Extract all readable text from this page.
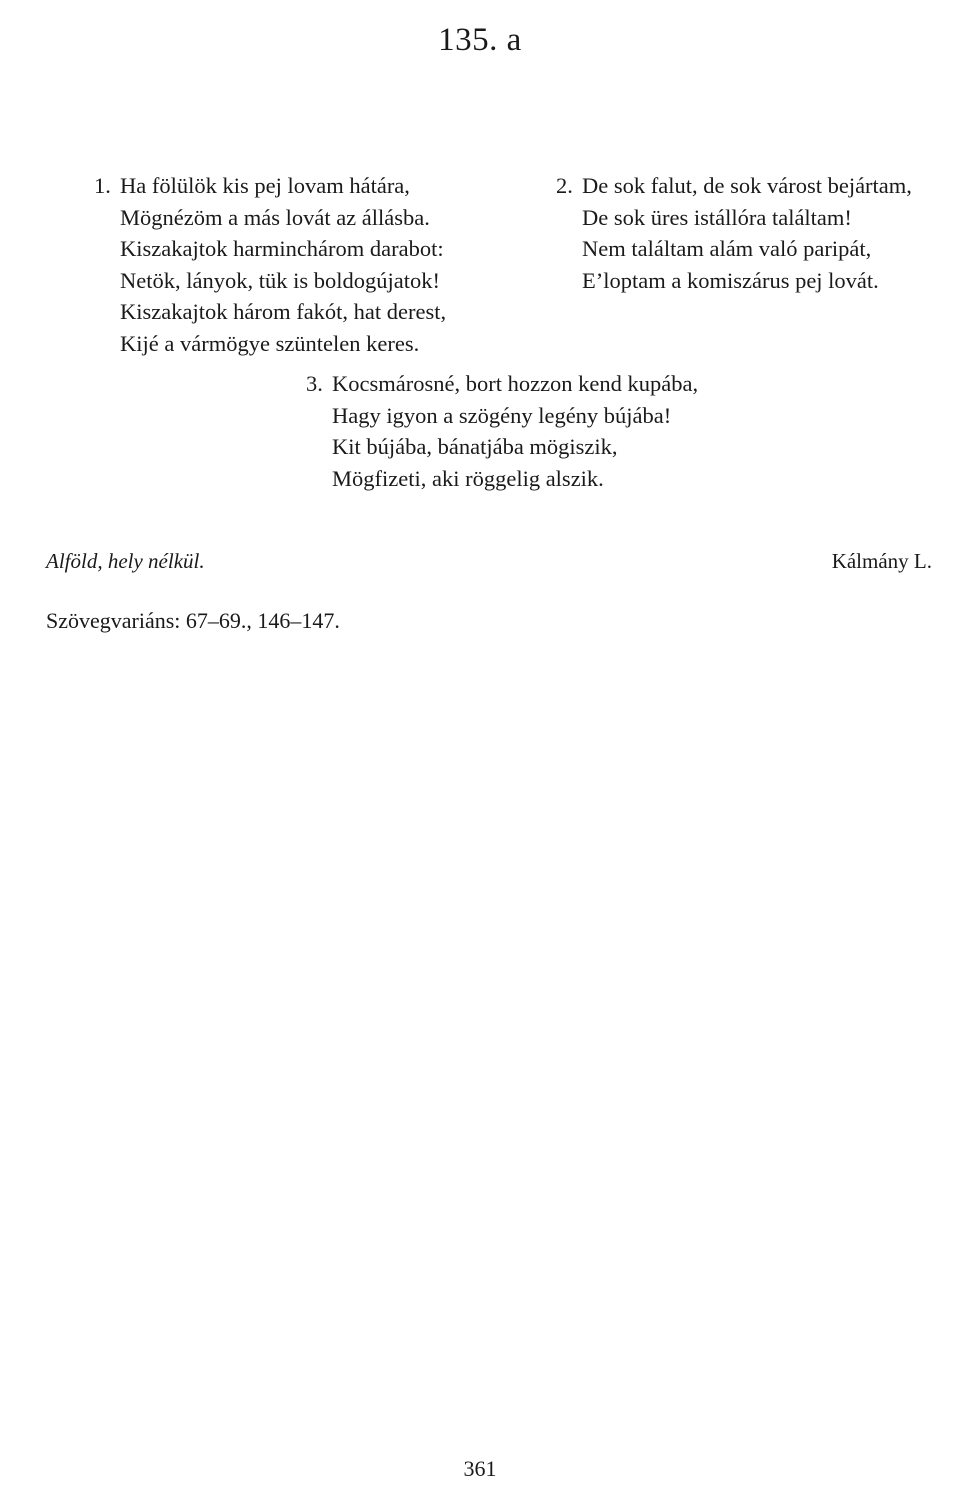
135. a
1. Ha fölülök kis pej lovam hátára,
Mögnézöm a más lovát az állásba.
Kiszakajtok harminchárom darabot:
Netök, lányok, tük is boldogújatok!
Kiszakajtok három fakót, hat derest,
Kijé a vármögye szüntelen keres.
2. De sok falut, de sok várost bejártam,
De sok üres istállóra találtam!
Nem találtam alám való paripát,
E’loptam a komiszárus pej lovát.
3. Kocsmárosné, bort hozzon kend kupába,
Hagy igyon a szögény legény bújába!
Kit bújába, bánatjába mögiszik,
Mögfizeti, aki röggelig alszik.
Alföld, hely nélkül.	Kálmány L.
Szövegvariáns: 67–69., 146–147.
361
